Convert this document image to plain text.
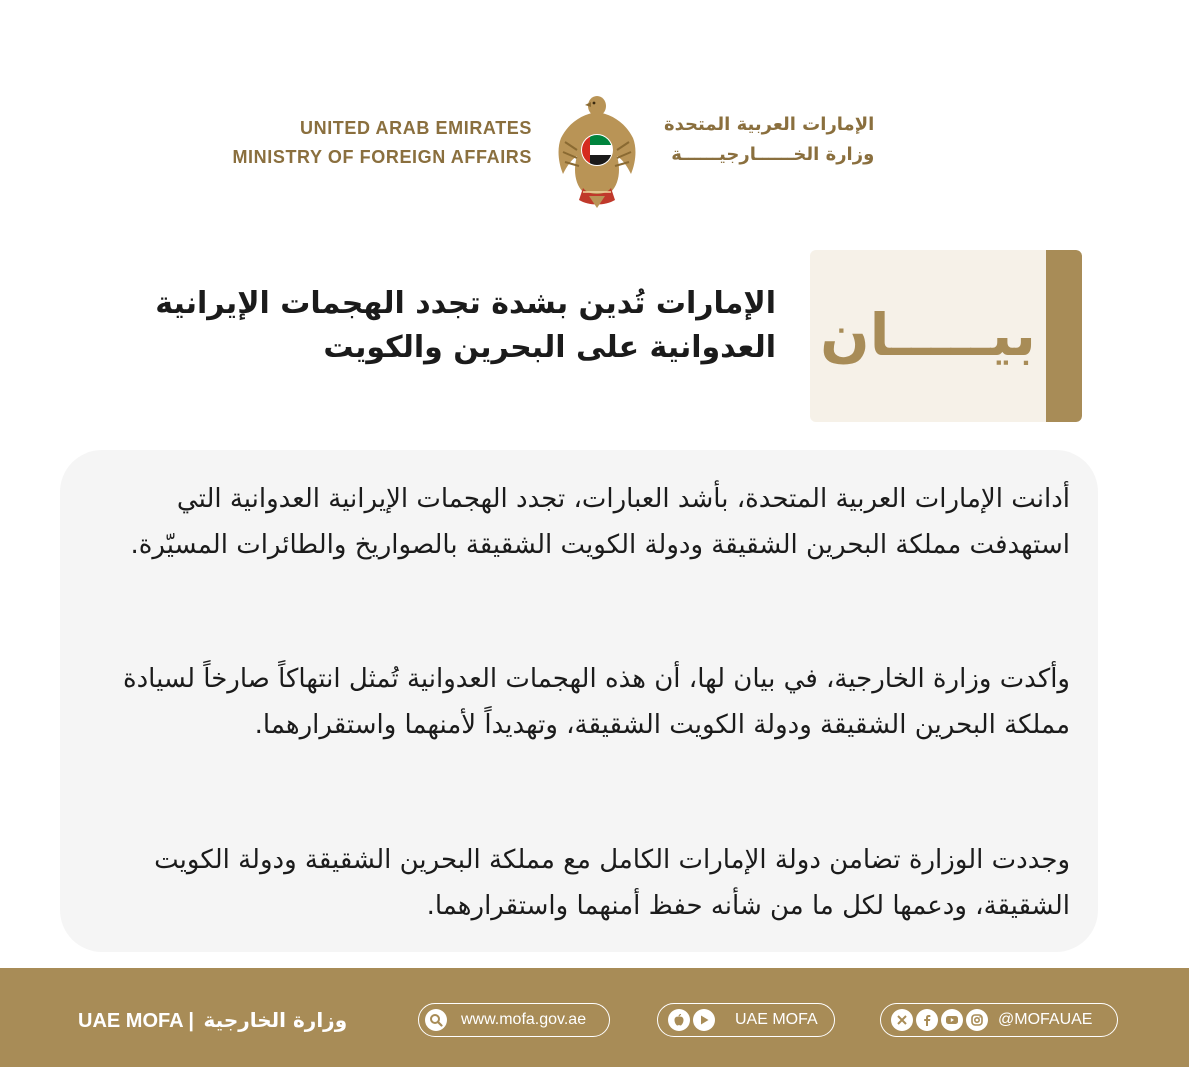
UNITED ARAB EMIRATES
MINISTRY OF FOREIGN AFFAIRS
الإمارات العربية المتحدة
وزارة الخــــــارجيــــــة
الإمارات تُدين بشدة تجدد الهجمات الإيرانية
العدوانية على البحرين والكويت بيـــــان
أدانت الإمارات العربية المتحدة، بأشد العبارات، تجدد الهجمات الإيرانية العدوانية التي استهدفت مملكة البحرين الشقيقة ودولة الكويت الشقيقة بالصواريخ والطائرات المسيّرة.
وأكدت وزارة الخارجية، في بيان لها، أن هذه الهجمات العدوانية تُمثل انتهاكاً صارخاً لسيادة مملكة البحرين الشقيقة ودولة الكويت الشقيقة، وتهديداً لأمنهما واستقرارهما.
وجددت الوزارة تضامن دولة الإمارات الكامل مع مملكة البحرين الشقيقة ودولة الكويت الشقيقة، ودعمها لكل ما من شأنه حفظ أمنهما واستقرارهما.
UAE MOFA | وزارة الخارجية	www.mofa.gov.ae	UAE MOFA	@MOFAUAE
